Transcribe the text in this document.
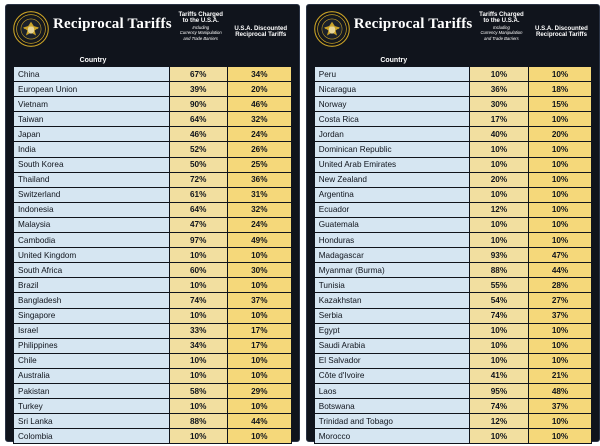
Reciprocal Tariffs
Tariffs Charged
to the U.S.A.
Including
Currency Manipulation
and Trade Barriers
U.S.A. Discounted
Reciprocal Tariffs
Country
China	67%	34%
European Union	39%	20%
Vietnam	90%	46%
Taiwan	64%	32%
Japan	46%	24%
India	52%	26%
South Korea	50%	25%
Thailand	72%	36%
Switzerland	61%	31%
Indonesia	64%	32%
Malaysia	47%	24%
Cambodia	97%	49%
United Kingdom	10%	10%
South Africa	60%	30%
Brazil	10%	10%
Bangladesh	74%	37%
Singapore	10%	10%
Israel	33%	17%
Philippines	34%	17%
Chile	10%	10%
Australia	10%	10%
Pakistan	58%	29%
Turkey	10%	10%
Sri Lanka	88%	44%
Colombia	10%	10%
Reciprocal Tariffs
Tariffs Charged
to the U.S.A.
Including
Currency Manipulation
and Trade Barriers
U.S.A. Discounted
Reciprocal Tariffs
Country
Peru	10%	10%
Nicaragua	36%	18%
Norway	30%	15%
Costa Rica	17%	10%
Jordan	40%	20%
Dominican Republic	10%	10%
United Arab Emirates	10%	10%
New Zealand	20%	10%
Argentina	10%	10%
Ecuador	12%	10%
Guatemala	10%	10%
Honduras	10%	10%
Madagascar	93%	47%
Myanmar (Burma)	88%	44%
Tunisia	55%	28%
Kazakhstan	54%	27%
Serbia	74%	37%
Egypt	10%	10%
Saudi Arabia	10%	10%
El Salvador	10%	10%
Côte d'Ivoire	41%	21%
Laos	95%	48%
Botswana	74%	37%
Trinidad and Tobago	12%	10%
Morocco	10%	10%
